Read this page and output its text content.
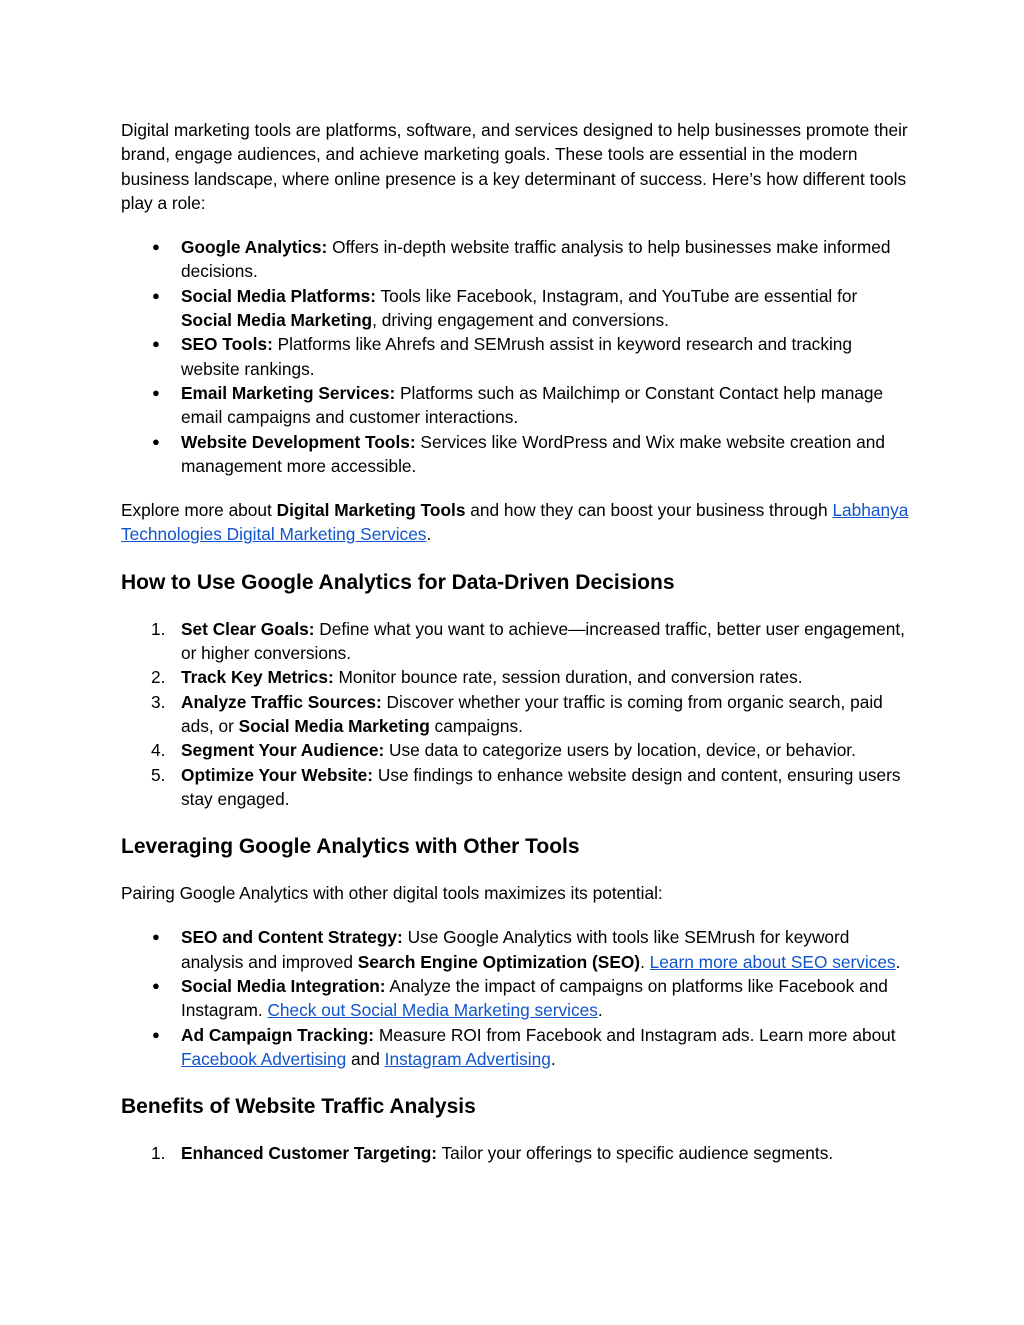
Digital marketing tools are platforms, software, and services designed to help businesses promote their brand, engage audiences, and achieve marketing goals. These tools are essential in the modern business landscape, where online presence is a key determinant of success. Here’s how different tools play a role:

● Google Analytics: Offers in-depth website traffic analysis to help businesses make informed decisions.
● Social Media Platforms: Tools like Facebook, Instagram, and YouTube are essential for Social Media Marketing, driving engagement and conversions.
● SEO Tools: Platforms like Ahrefs and SEMrush assist in keyword research and tracking website rankings.
● Email Marketing Services: Platforms such as Mailchimp or Constant Contact help manage email campaigns and customer interactions.
● Website Development Tools: Services like WordPress and Wix make website creation and management more accessible.

Explore more about Digital Marketing Tools and how they can boost your business through Labhanya Technologies Digital Marketing Services.

How to Use Google Analytics for Data-Driven Decisions
1. Set Clear Goals: Define what you want to achieve—increased traffic, better user engagement, or higher conversions.
2. Track Key Metrics: Monitor bounce rate, session duration, and conversion rates.
3. Analyze Traffic Sources: Discover whether your traffic is coming from organic search, paid ads, or Social Media Marketing campaigns.
4. Segment Your Audience: Use data to categorize users by location, device, or behavior.
5. Optimize Your Website: Use findings to enhance website design and content, ensuring users stay engaged.
Leveraging Google Analytics with Other Tools

Pairing Google Analytics with other digital tools maximizes its potential:

● SEO and Content Strategy: Use Google Analytics with tools like SEMrush for keyword analysis and improved Search Engine Optimization (SEO). Learn more about SEO services.
● Social Media Integration: Analyze the impact of campaigns on platforms like Facebook and Instagram. Check out Social Media Marketing services.
● Ad Campaign Tracking: Measure ROI from Facebook and Instagram ads. Learn more about Facebook Advertising and Instagram Advertising.
Benefits of Website Traffic Analysis
1. Enhanced Customer Targeting: Tailor your offerings to specific audience segments.
